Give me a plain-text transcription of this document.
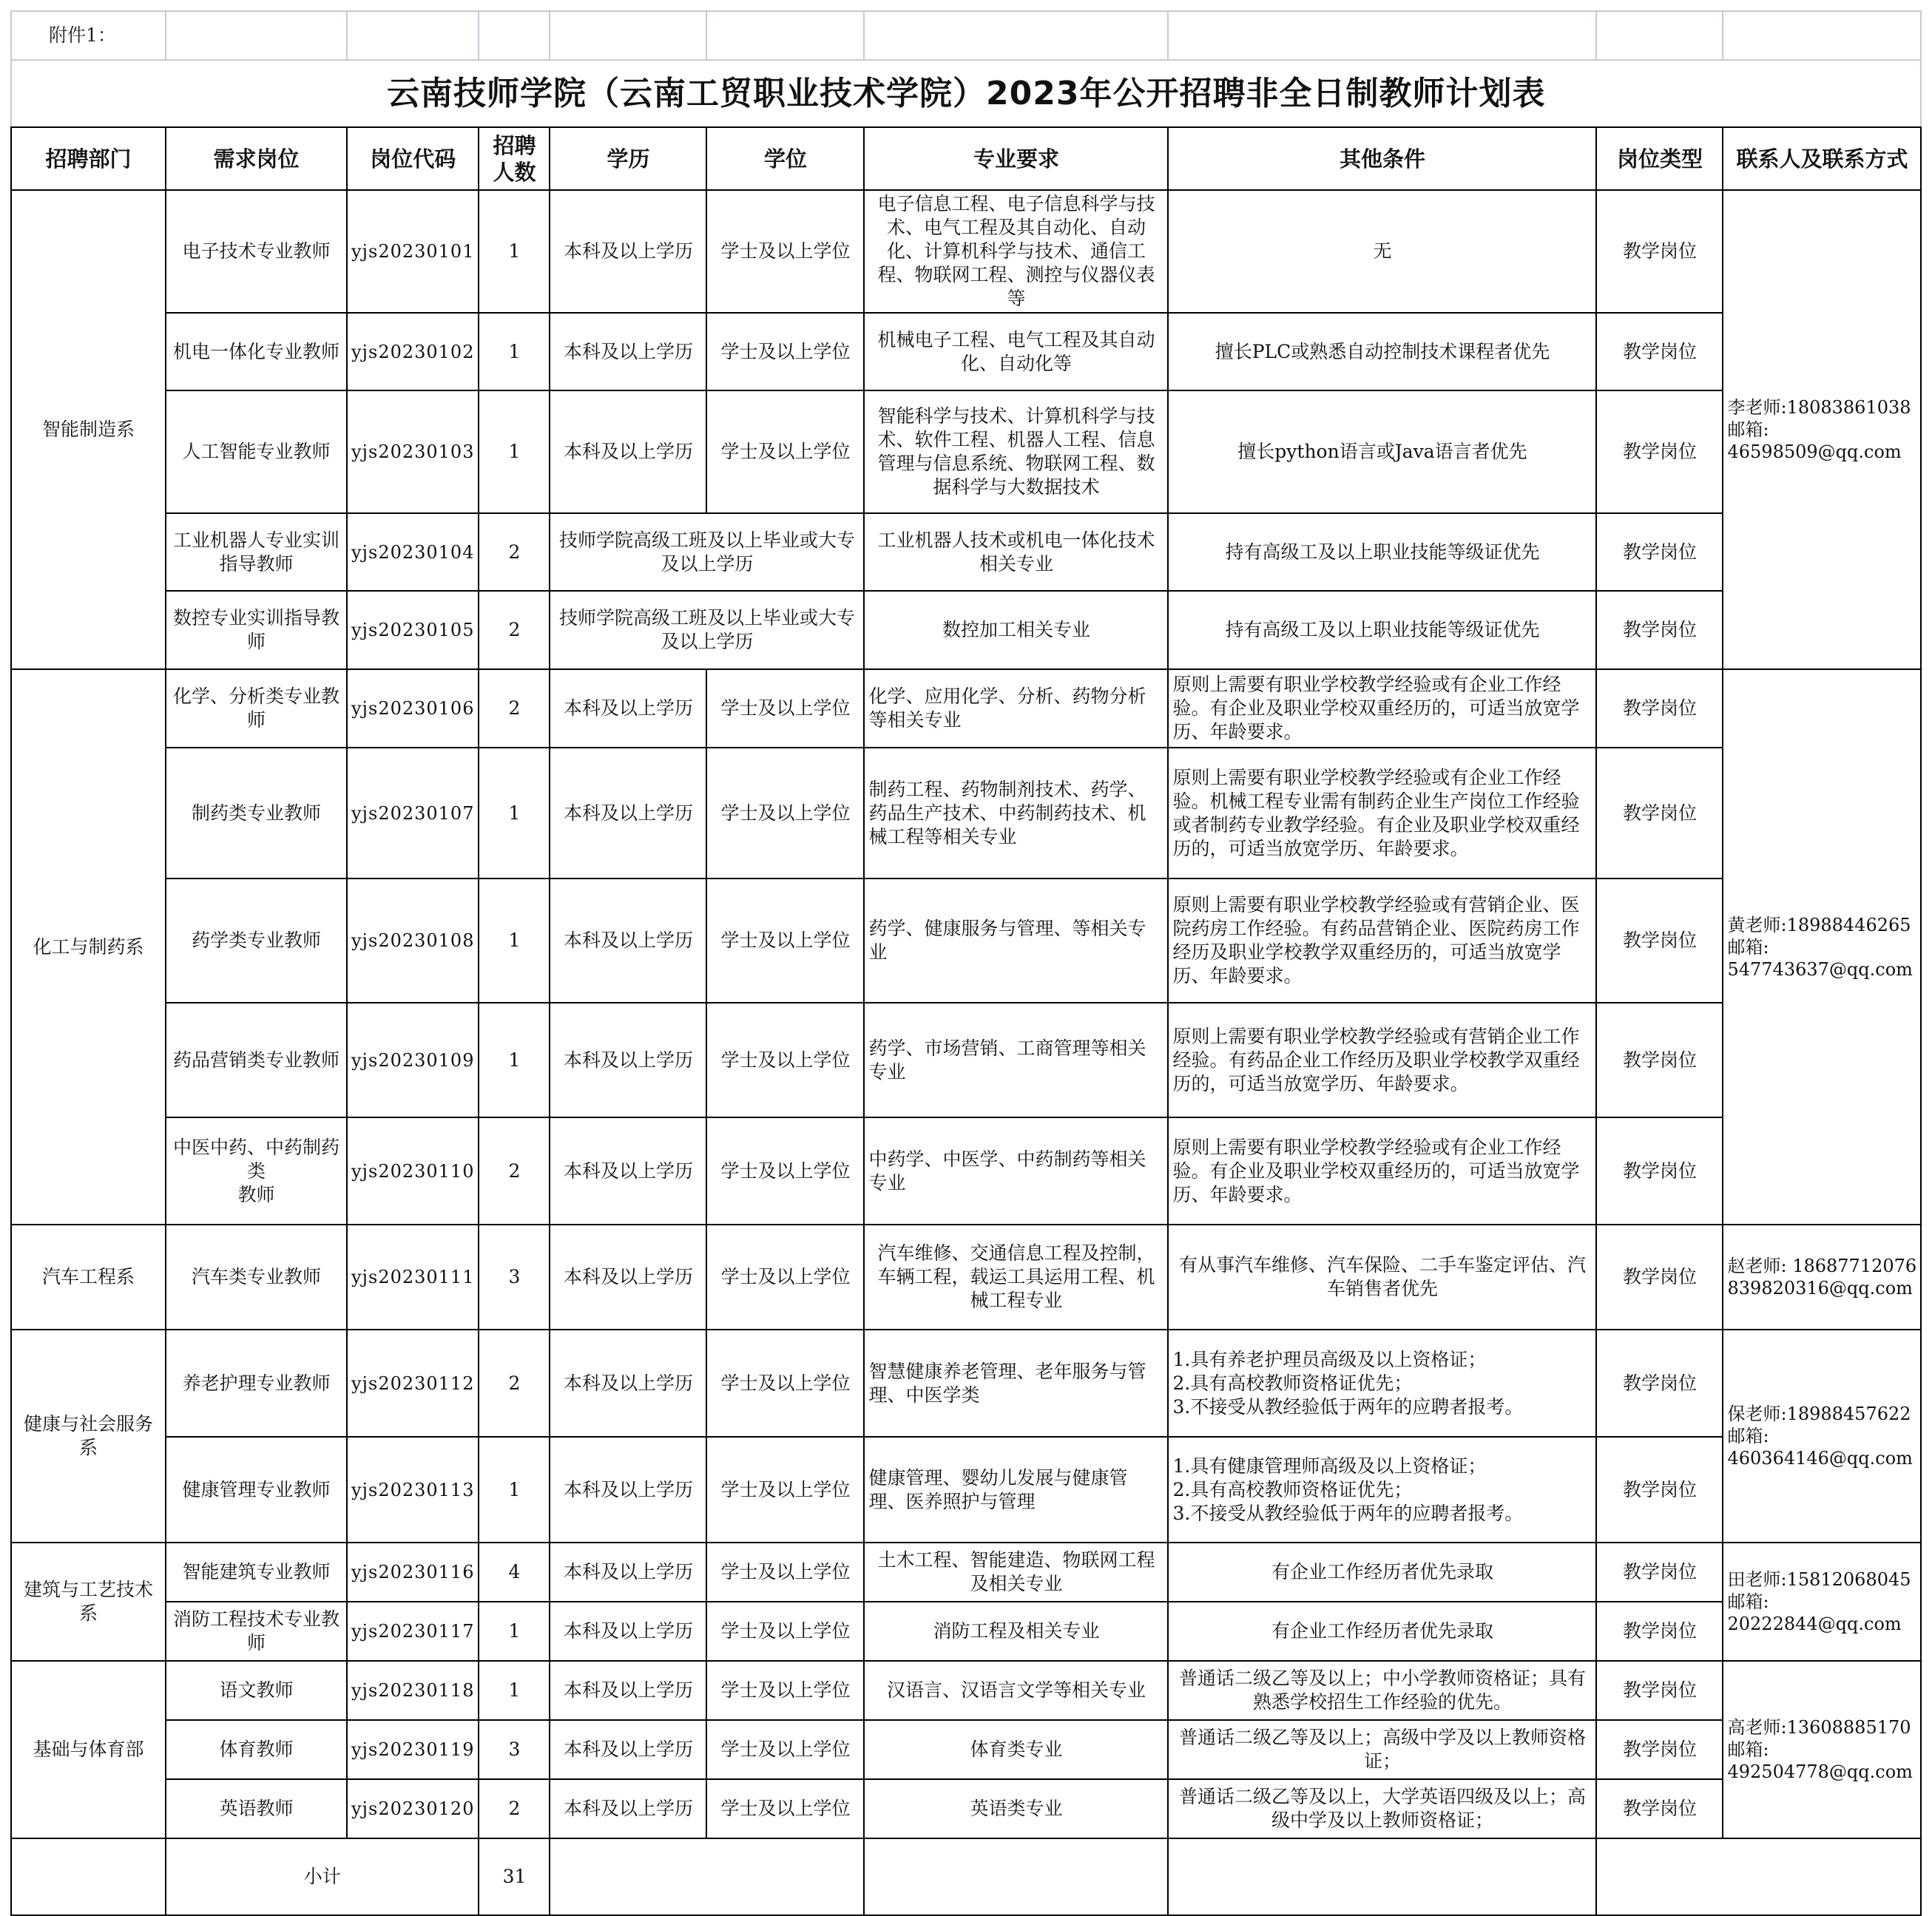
附件1：									
云南技师学院（云南工贸职业技术学院）2023年公开招聘非全日制教师计划表									
招聘部门	需求岗位	岗位代码	招聘 人数	学历	学位	专业要求	其他条件	岗位类型	联系人及联系方式
智能制造系	电子技术专业教师	yjs20230101	1	本科及以上学历	学士及以上学位	电子信息工程、电子信息科学与技术、电气工程及其自动化、自动化、计算机科学与技术、通信工程、物联网工程、测控与仪器仪表等	无	教学岗位	李老师:18083861038
邮箱:
46598509@qq.com
	机电一体化专业教师	yjs20230102	1	本科及以上学历	学士及以上学位	机械电子工程、电气工程及其自动化、自动化等	擅长PLC或熟悉自动控制技术课程者优先	教学岗位	
	人工智能专业教师	yjs20230103	1	本科及以上学历	学士及以上学位	智能科学与技术、计算机科学与技术、软件工程、机器人工程、信息管理与信息系统、物联网工程、数据科学与大数据技术	擅长python语言或Java语言者优先	教学岗位	
	工业机器人专业实训指导教师	yjs20230104	2	技师学院高级工班及以上毕业或大专及以上学历		工业机器人技术或机电一体化技术相关专业	持有高级工及以上职业技能等级证优先	教学岗位	
	数控专业实训指导教师	yjs20230105	2	技师学院高级工班及以上毕业或大专及以上学历		数控加工相关专业	持有高级工及以上职业技能等级证优先	教学岗位	
化工与制药系	化学、分析类专业教师	yjs20230106	2	本科及以上学历	学士及以上学位	化学、应用化学、分析、药物分析等相关专业	原则上需要有职业学校教学经验或有企业工作经验。有企业及职业学校双重经历的，可适当放宽学历、年龄要求。	教学岗位	黄老师:18988446265
邮箱:
547743637@qq.com
	制药类专业教师	yjs20230107	1	本科及以上学历	学士及以上学位	制药工程、药物制剂技术、药学、药品生产技术、中药制药技术、机械工程等相关专业	原则上需要有职业学校教学经验或有企业工作经验。机械工程专业需有制药企业生产岗位工作经验或者制药专业教学经验。有企业及职业学校双重经历的，可适当放宽学历、年龄要求。	教学岗位	
	药学类专业教师	yjs20230108	1	本科及以上学历	学士及以上学位	药学、健康服务与管理、等相关专业	原则上需要有职业学校教学经验或有营销企业、医院药房工作经验。有药品营销企业、医院药房工作经历及职业学校教学双重经历的，可适当放宽学历、年龄要求。	教学岗位	
	药品营销类专业教师	yjs20230109	1	本科及以上学历	学士及以上学位	药学、市场营销、工商管理等相关专业	原则上需要有职业学校教学经验或有营销企业工作经验。有药品企业工作经历及职业学校教学双重经历的，可适当放宽学历、年龄要求。	教学岗位	
	中医中药、中药制药类
教师	yjs20230110	2	本科及以上学历	学士及以上学位	中药学、中医学、中药制药等相关专业	原则上需要有职业学校教学经验或有企业工作经验。有企业及职业学校双重经历的，可适当放宽学历、年龄要求。	教学岗位	
汽车工程系	汽车类专业教师	yjs20230111	3	本科及以上学历	学士及以上学位	汽车维修、交通信息工程及控制，车辆工程，载运工具运用工程、机械工程专业	有从事汽车维修、汽车保险、二手车鉴定评估、汽车销售者优先	教学岗位	赵老师: 18687712076
839820316@qq.com
健康与社会服务系	养老护理专业教师	yjs20230112	2	本科及以上学历	学士及以上学位	智慧健康养老管理、老年服务与管理、中医学类	1.具有养老护理员高级及以上资格证；
2.具有高校教师资格证优先；
3.不接受从教经验低于两年的应聘者报考。	教学岗位	保老师:18988457622
邮箱:
460364146@qq.com
	健康管理专业教师	yjs20230113	1	本科及以上学历	学士及以上学位	健康管理、婴幼儿发展与健康管理、医养照护与管理	1.具有健康管理师高级及以上资格证；
2.具有高校教师资格证优先；
3.不接受从教经验低于两年的应聘者报考。	教学岗位	
建筑与工艺技术系	智能建筑专业教师	yjs20230116	4	本科及以上学历	学士及以上学位	土木工程、智能建造、物联网工程及相关专业	有企业工作经历者优先录取	教学岗位	田老师:15812068045
邮箱:
20222844@qq.com
	消防工程技术专业教师	yjs20230117	1	本科及以上学历	学士及以上学位	消防工程及相关专业	有企业工作经历者优先录取	教学岗位	
基础与体育部	语文教师	yjs20230118	1	本科及以上学历	学士及以上学位	汉语言、汉语言文学等相关专业	普通话二级乙等及以上；中小学教师资格证；具有熟悉学校招生工作经验的优先。	教学岗位	高老师:13608885170
邮箱:
492504778@qq.com
	体育教师	yjs20230119	3	本科及以上学历	学士及以上学位	体育类专业	普通话二级乙等及以上；高级中学及以上教师资格证；	教学岗位	
	英语教师	yjs20230120	2	本科及以上学历	学士及以上学位	英语类专业	普通话二级乙等及以上，大学英语四级及以上；高级中学及以上教师资格证；	教学岗位	
	小计		31						
